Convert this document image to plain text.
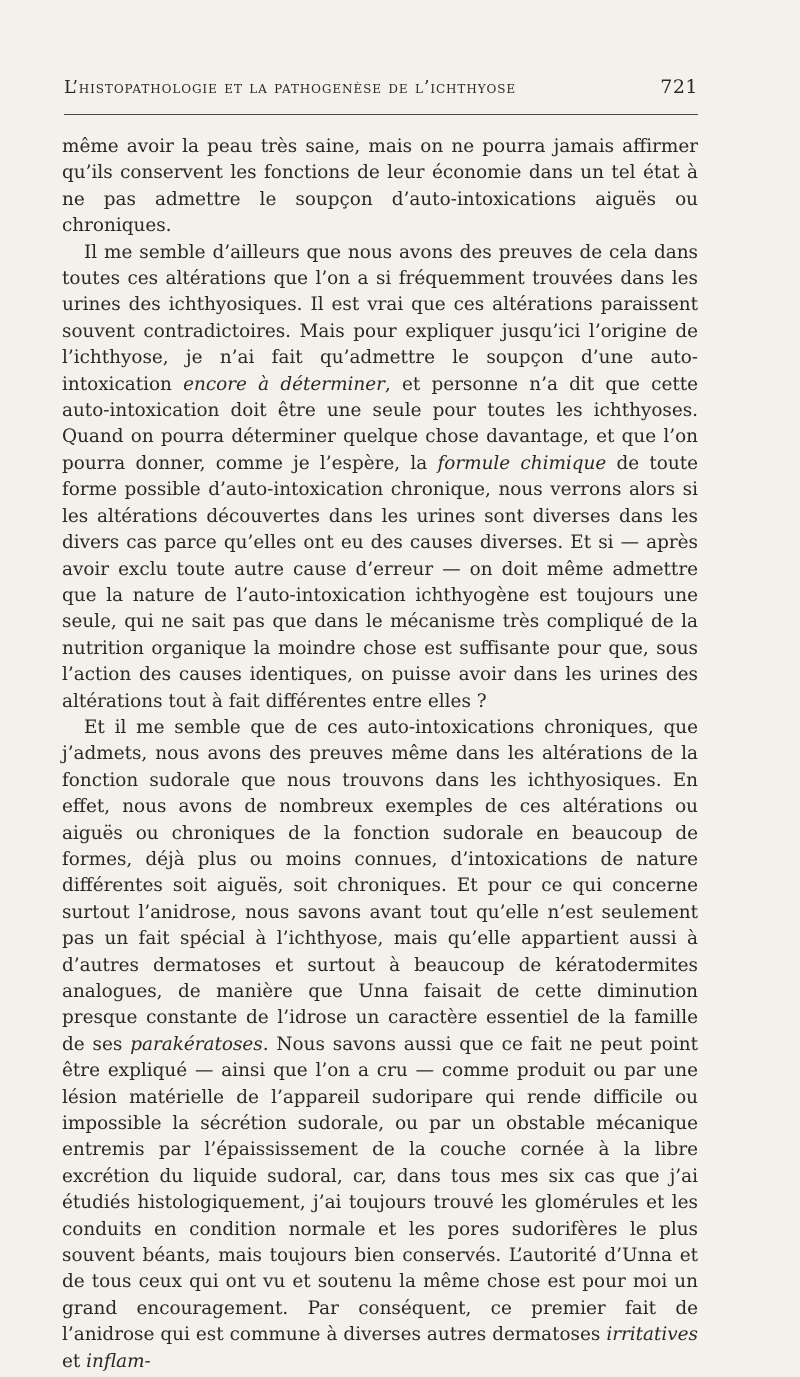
L’histopathologie et la pathogenèse de l’ichthyose	721

même avoir la peau très saine, mais on ne pourra jamais affirmer qu’ils conservent les fonctions de leur économie dans un tel état à ne pas admettre le soupçon d’auto-intoxications aiguës ou chroniques.

Il me semble d’ailleurs que nous avons des preuves de cela dans toutes ces altérations que l’on a si fréquemment trouvées dans les urines des ichthyosiques. Il est vrai que ces altérations paraissent souvent contradictoires. Mais pour expliquer jusqu’ici l’origine de l’ichthyose, je n’ai fait qu’admettre le soupçon d’une auto-intoxication encore à déterminer, et personne n’a dit que cette auto-intoxication doit être une seule pour toutes les ichthyoses. Quand on pourra déterminer quelque chose davantage, et que l’on pourra donner, comme je l’espère, la formule chimique de toute forme possible d’auto-intoxication chronique, nous verrons alors si les altérations découvertes dans les urines sont diverses dans les divers cas parce qu’elles ont eu des causes diverses. Et si — après avoir exclu toute autre cause d’erreur — on doit même admettre que la nature de l’auto-intoxication ichthyogène est toujours une seule, qui ne sait pas que dans le mécanisme très compliqué de la nutrition organique la moindre chose est suffisante pour que, sous l’action des causes identiques, on puisse avoir dans les urines des altérations tout à fait différentes entre elles ?

Et il me semble que de ces auto-intoxications chroniques, que j’admets, nous avons des preuves même dans les altérations de la fonction sudorale que nous trouvons dans les ichthyosiques. En effet, nous avons de nombreux exemples de ces altérations ou aiguës ou chroniques de la fonction sudorale en beaucoup de formes, déjà plus ou moins connues, d’intoxications de nature différentes soit aiguës, soit chroniques. Et pour ce qui concerne surtout l’anidrose, nous savons avant tout qu’elle n’est seulement pas un fait spécial à l’ichthyose, mais qu’elle appartient aussi à d’autres dermatoses et surtout à beaucoup de kératodermites analogues, de manière que Unna faisait de cette diminution presque constante de l’idrose un caractère essentiel de la famille de ses parakératoses. Nous savons aussi que ce fait ne peut point être expliqué — ainsi que l’on a cru — comme produit ou par une lésion matérielle de l’appareil sudoripare qui rende difficile ou impossible la sécrétion sudorale, ou par un obstable mécanique entremis par l’épaississement de la couche cornée à la libre excrétion du liquide sudoral, car, dans tous mes six cas que j’ai étudiés histologiquement, j’ai toujours trouvé les glomérules et les conduits en condition normale et les pores sudorifères le plus souvent béants, mais toujours bien conservés. L’autorité d’Unna et de tous ceux qui ont vu et soutenu la même chose est pour moi un grand encouragement. Par conséquent, ce premier fait de l’anidrose qui est commune à diverses autres dermatoses irritatives et inflam-
